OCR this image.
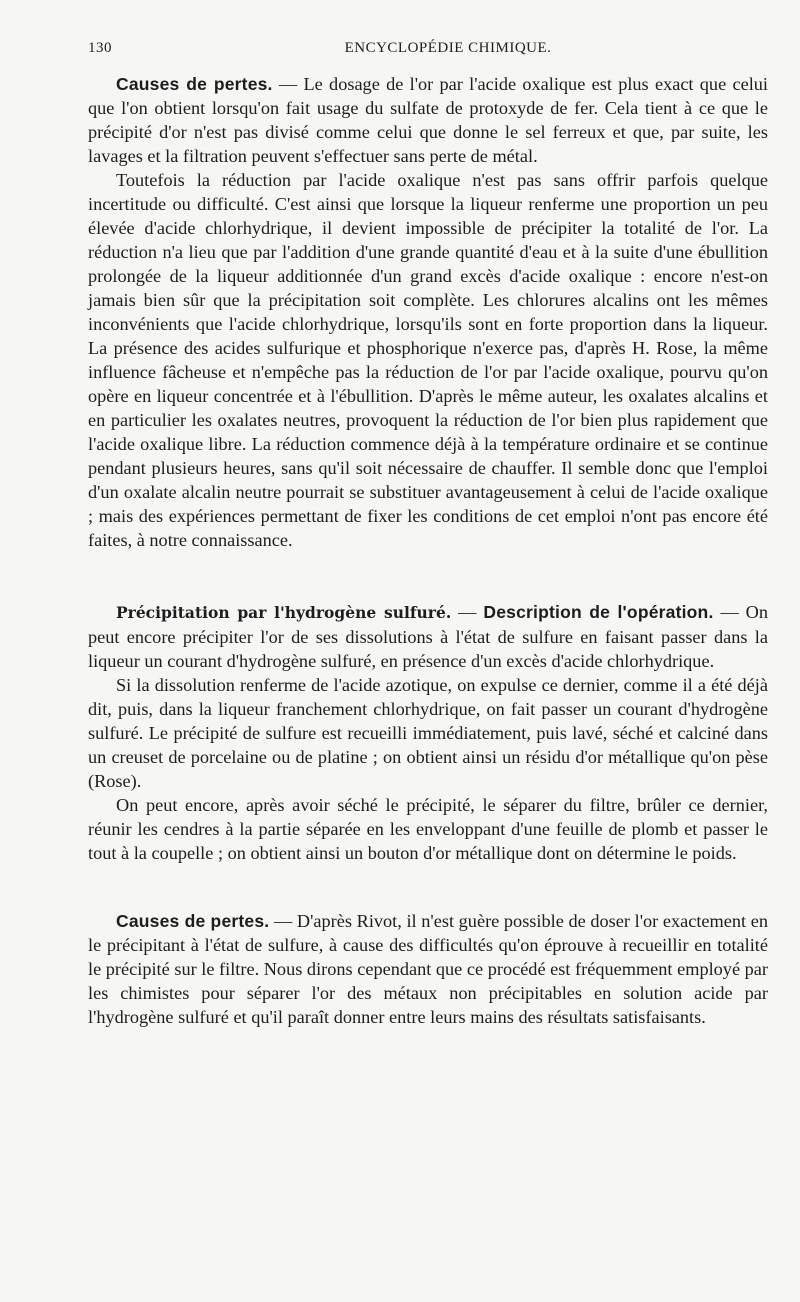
130	ENCYCLOPÉDIE CHIMIQUE.

Causes de pertes. — Le dosage de l'or par l'acide oxalique est plus exact que celui que l'on obtient lorsqu'on fait usage du sulfate de protoxyde de fer. Cela tient à ce que le précipité d'or n'est pas divisé comme celui que donne le sel ferreux et que, par suite, les lavages et la filtration peuvent s'effectuer sans perte de métal.

Toutefois la réduction par l'acide oxalique n'est pas sans offrir parfois quelque incertitude ou difficulté. C'est ainsi que lorsque la liqueur renferme une proportion un peu élevée d'acide chlorhydrique, il devient impossible de précipiter la totalité de l'or. La réduction n'a lieu que par l'addition d'une grande quantité d'eau et à la suite d'une ébullition prolongée de la liqueur additionnée d'un grand excès d'acide oxalique : encore n'est-on jamais bien sûr que la précipitation soit complète. Les chlorures alcalins ont les mêmes inconvénients que l'acide chlorhydrique, lorsqu'ils sont en forte proportion dans la liqueur. La présence des acides sulfurique et phosphorique n'exerce pas, d'après H. Rose, la même influence fâcheuse et n'empêche pas la réduction de l'or par l'acide oxalique, pourvu qu'on opère en liqueur concentrée et à l'ébullition. D'après le même auteur, les oxalates alcalins et en particulier les oxalates neutres, provoquent la réduction de l'or bien plus rapidement que l'acide oxalique libre. La réduction commence déjà à la température ordinaire et se continue pendant plusieurs heures, sans qu'il soit nécessaire de chauffer. Il semble donc que l'emploi d'un oxalate alcalin neutre pourrait se substituer avantageusement à celui de l'acide oxalique ; mais des expériences permettant de fixer les conditions de cet emploi n'ont pas encore été faites, à notre connaissance.

Précipitation par l'hydrogène sulfuré. — Description de l'opération. — On peut encore précipiter l'or de ses dissolutions à l'état de sulfure en faisant passer dans la liqueur un courant d'hydrogène sulfuré, en présence d'un excès d'acide chlorhydrique.

Si la dissolution renferme de l'acide azotique, on expulse ce dernier, comme il a été déjà dit, puis, dans la liqueur franchement chlorhydrique, on fait passer un courant d'hydrogène sulfuré. Le précipité de sulfure est recueilli immédiatement, puis lavé, séché et calciné dans un creuset de porcelaine ou de platine ; on obtient ainsi un résidu d'or métallique qu'on pèse (Rose).

On peut encore, après avoir séché le précipité, le séparer du filtre, brûler ce dernier, réunir les cendres à la partie séparée en les enveloppant d'une feuille de plomb et passer le tout à la coupelle ; on obtient ainsi un bouton d'or métallique dont on détermine le poids.

Causes de pertes. — D'après Rivot, il n'est guère possible de doser l'or exactement en le précipitant à l'état de sulfure, à cause des difficultés qu'on éprouve à recueillir en totalité le précipité sur le filtre. Nous dirons cependant que ce procédé est fréquemment employé par les chimistes pour séparer l'or des métaux non précipitables en solution acide par l'hydrogène sulfuré et qu'il paraît donner entre leurs mains des résultats satisfaisants.
